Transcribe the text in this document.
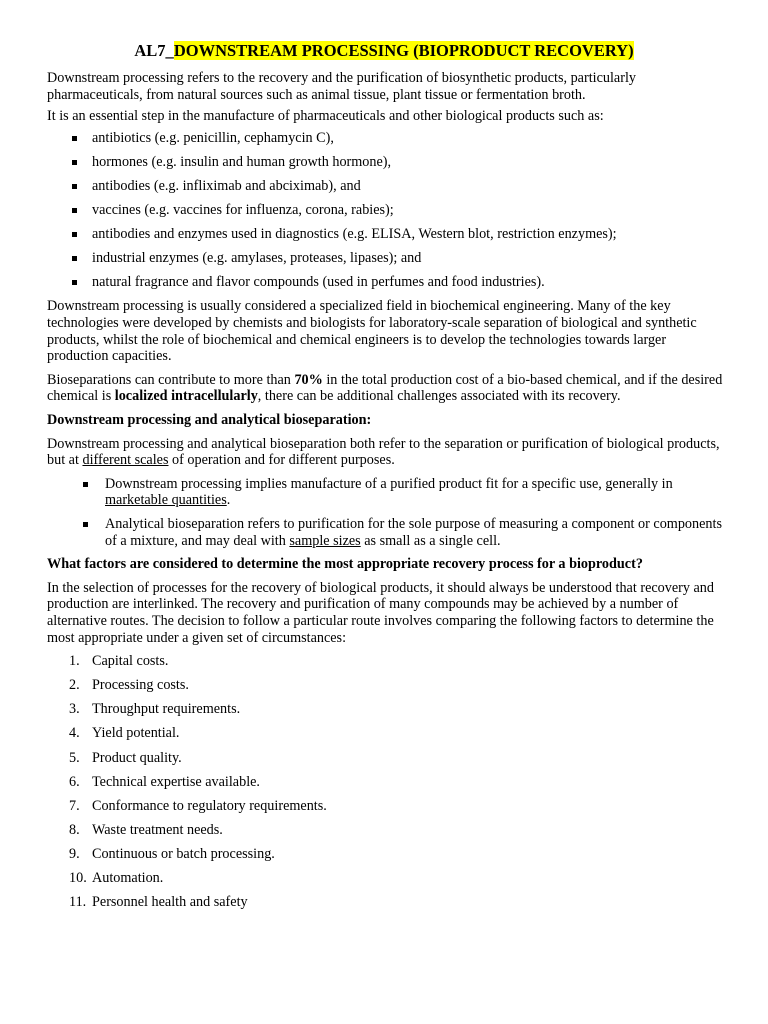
AL7_DOWNSTREAM PROCESSING (BIOPRODUCT RECOVERY)

Downstream processing refers to the recovery and the purification of biosynthetic products, particularly pharmaceuticals, from natural sources such as animal tissue, plant tissue or fermentation broth.

It is an essential step in the manufacture of pharmaceuticals and other biological products such as:

antibiotics (e.g. penicillin, cephamycin C),
hormones (e.g. insulin and human growth hormone),
antibodies (e.g. infliximab and abciximab), and
vaccines (e.g. vaccines for influenza, corona, rabies);
antibodies and enzymes used in diagnostics (e.g. ELISA, Western blot, restriction enzymes);
industrial enzymes (e.g. amylases, proteases, lipases); and
natural fragrance and flavor compounds (used in perfumes and food industries).

Downstream processing is usually considered a specialized field in biochemical engineering. Many of the key technologies were developed by chemists and biologists for laboratory-scale separation of biological and synthetic products, whilst the role of biochemical and chemical engineers is to develop the technologies towards larger production capacities.

Bioseparations can contribute to more than 70% in the total production cost of a bio-based chemical, and if the desired chemical is localized intracellularly, there can be additional challenges associated with its recovery.

Downstream processing and analytical bioseparation:

Downstream processing and analytical bioseparation both refer to the separation or purification of biological products, but at different scales of operation and for different purposes.

Downstream processing implies manufacture of a purified product fit for a specific use, generally in marketable quantities.
Analytical bioseparation refers to purification for the sole purpose of measuring a component or components of a mixture, and may deal with sample sizes as small as a single cell.

What factors are considered to determine the most appropriate recovery process for a bioproduct?

In the selection of processes for the recovery of biological products, it should always be understood that recovery and production are interlinked. The recovery and purification of many compounds may be achieved by a number of alternative routes. The decision to follow a particular route involves comparing the following factors to determine the most appropriate under a given set of circumstances:

1. Capital costs.
2. Processing costs.
3. Throughput requirements.
4. Yield potential.
5. Product quality.
6. Technical expertise available.
7. Conformance to regulatory requirements.
8. Waste treatment needs.
9. Continuous or batch processing.
10. Automation.
11. Personnel health and safety
